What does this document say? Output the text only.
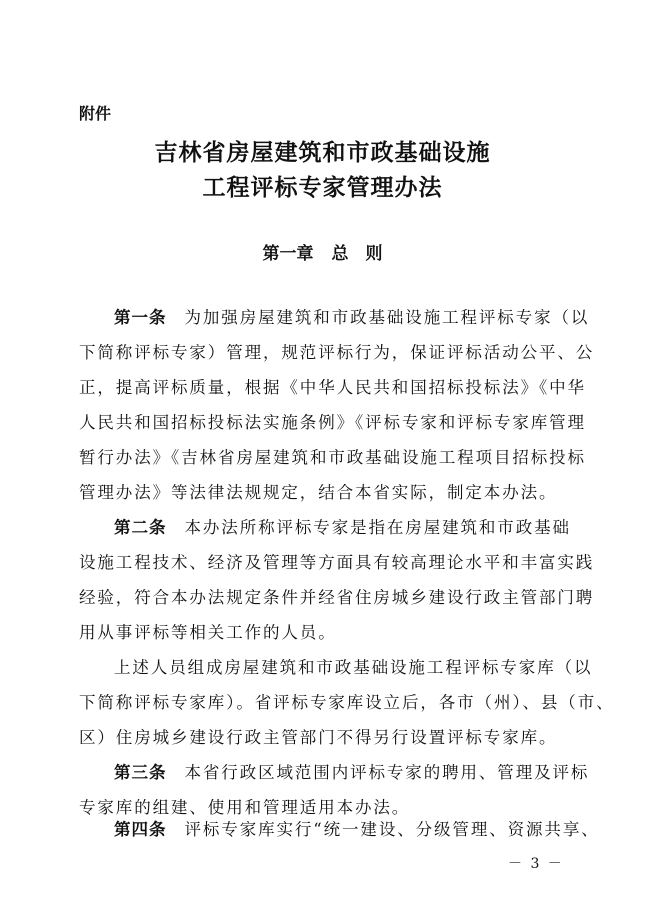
附件
吉林省房屋建筑和市政基础设施
工程评标专家管理办法
第一章 总　则
第一条 为加强房屋建筑和市政基础设施工程评标专家（以
下简称评标专家）管理，规范评标行为，保证评标活动公平、公
正，提高评标质量，根据《中华人民共和国招标投标法》《中华
人民共和国招标投标法实施条例》《评标专家和评标专家库管理
暂行办法》《吉林省房屋建筑和市政基础设施工程项目招标投标
管理办法》等法律法规规定，结合本省实际，制定本办法。
第二条 本办法所称评标专家是指在房屋建筑和市政基础
设施工程技术、经济及管理等方面具有较高理论水平和丰富实践
经验，符合本办法规定条件并经省住房城乡建设行政主管部门聘
用从事评标等相关工作的人员。
上述人员组成房屋建筑和市政基础设施工程评标专家库（以
下简称评标专家库）。省评标专家库设立后，各市（州）、县（市、
区）住房城乡建设行政主管部门不得另行设置评标专家库。
第三条 本省行政区域范围内评标专家的聘用、管理及评标
专家库的组建、使用和管理适用本办法。
第四条 评标专家库实行“统一建设、分级管理、资源共享、
－ 3 －
